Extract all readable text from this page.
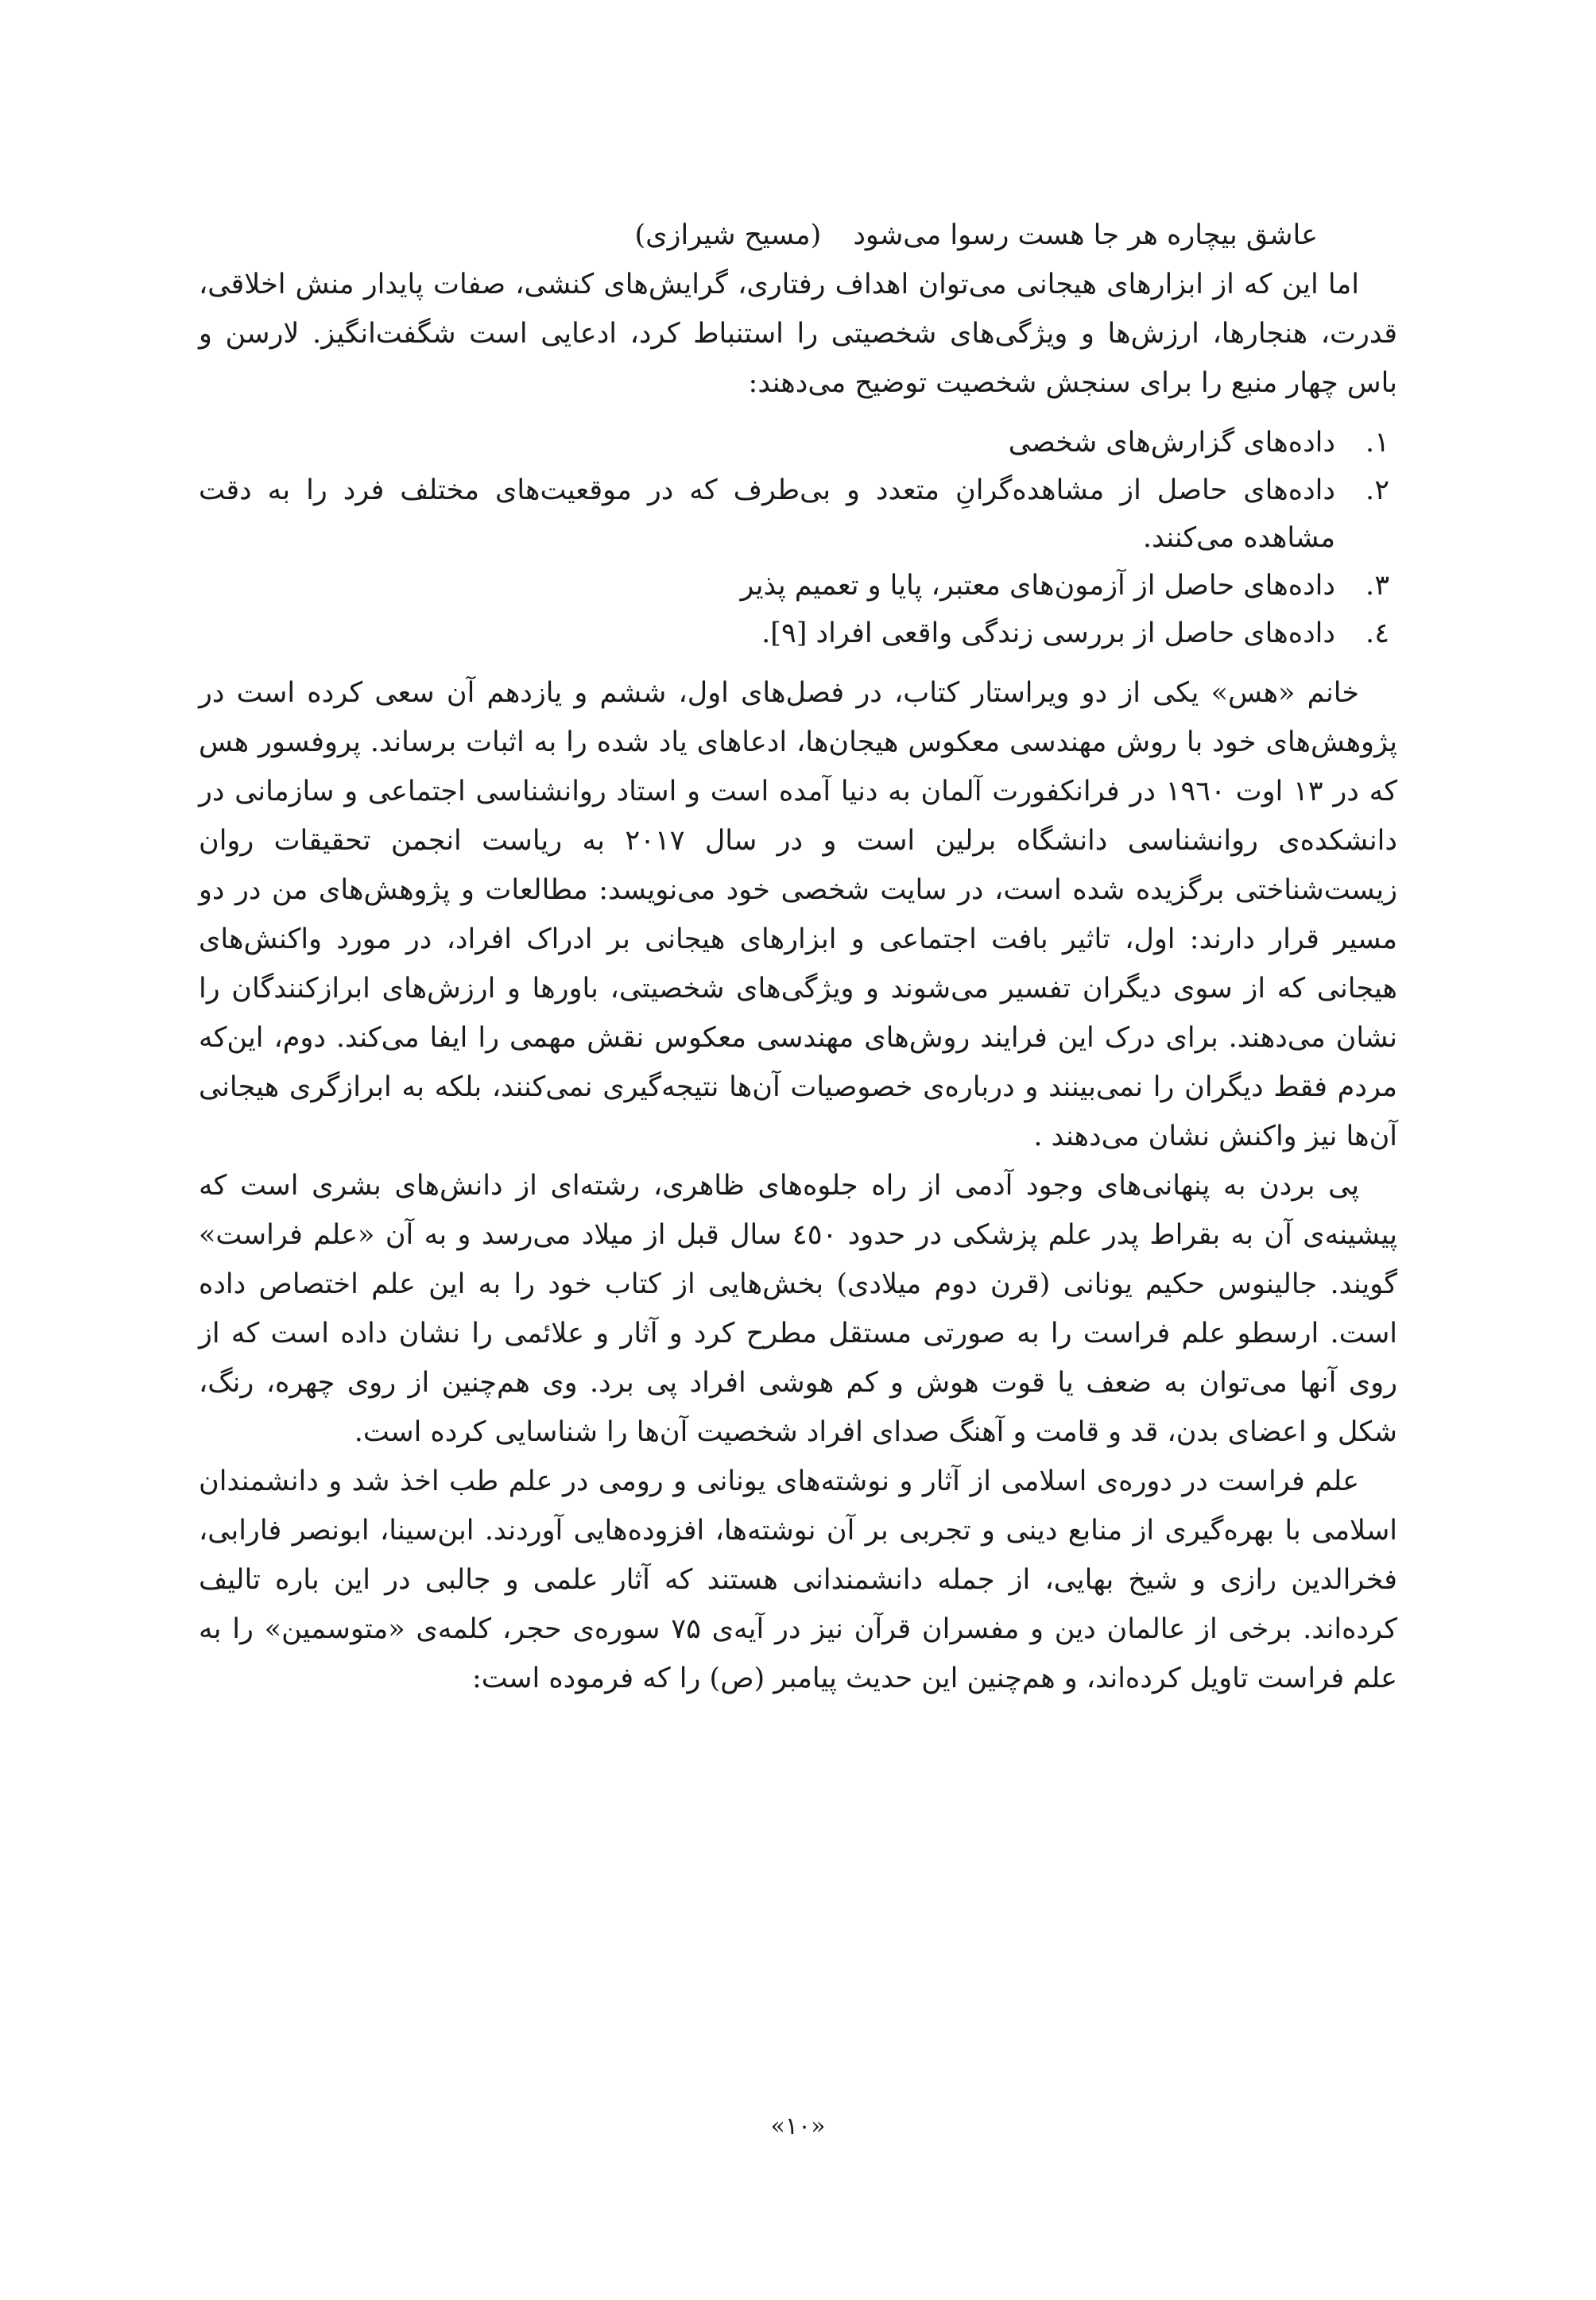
عاشق بیچاره هر جا هست رسوا می‌شود(مسیح شیرازی)

اما این که از ابزارهای هیجانی می‌توان اهداف رفتاری، گرایش‌های کنشی، صفات پایدار منش اخلاقی، قدرت، هنجارها، ارزش‌ها و ویژگی‌های شخصیتی را استنباط کرد، ادعایی است شگفت‌انگیز. لارسن و باس چهار منبع را برای سنجش شخصیت توضیح می‌دهند:

۱.
داده‌های گزارش‌های شخصی
۲.
داده‌های حاصل از مشاهده‌گرانِ متعدد و بی‌طرف که در موقعیت‌های مختلف فرد را به دقت مشاهده می‌کنند.
۳.
داده‌های حاصل از آزمون‌های معتبر، پایا و تعمیم پذیر
٤.
داده‌های حاصل از بررسی زندگی واقعی افراد [۹].

خانم «هس» یکی از دو ویراستار کتاب، در فصل‌های اول، ششم و یازدهم آن سعی کرده است در پژوهش‌های خود با روش مهندسی معکوس هیجان‌ها، ادعاهای یاد شده را به اثبات برساند. پروفسور هس که در ۱۳ اوت ۱۹٦۰ در فرانکفورت آلمان به دنیا آمده است و استاد روانشناسی اجتماعی و سازمانی در دانشکده‌ی روانشناسی دانشگاه برلین است و در سال ۲۰۱۷ به ریاست انجمن تحقیقات روان زیست‌شناختی برگزیده شده است، در سایت شخصی خود می‌نویسد: مطالعات و پژوهش‌های من در دو مسیر قرار دارند: اول، تاثیر بافت اجتماعی و ابزارهای هیجانی بر ادراک افراد، در مورد واکنش‌های هیجانی که از سوی دیگران تفسیر می‌شوند و ویژگی‌های شخصیتی، باورها و ارزش‌های ابرازکنندگان را نشان می‌دهند. برای درک این فرایند روش‌های مهندسی معکوس نقش مهمی را ایفا می‌کند. دوم، این‌که مردم فقط دیگران را نمی‌بینند و درباره‌ی خصوصیات آن‌ها نتیجه‌گیری نمی‌کنند، بلکه به ابرازگری هیجانی آن‌ها نیز واکنش نشان می‌دهند .

پی بردن به پنهانی‌های وجود آدمی از راه جلوه‌های ظاهری، رشته‌ای از دانش‌های بشری است که پیشینه‌ی آن به بقراط پدر علم پزشکی در حدود ٤٥۰ سال قبل از میلاد می‌رسد و به آن «علم فراست» گویند. جالینوس حکیم یونانی (قرن دوم میلادی) بخش‌هایی از کتاب خود را به این علم اختصاص داده است. ارسطو علم فراست را به صورتی مستقل مطرح کرد و آثار و علائمی را نشان داده است که از روی آنها می‌توان به ضعف یا قوت هوش و کم هوشی افراد پی برد. وی هم‌چنین از روی چهره، رنگ، شکل و اعضای بدن، قد و قامت و آهنگ صدای افراد شخصیت آن‌ها را شناسایی کرده است.

علم فراست در دوره‌ی اسلامی از آثار و نوشته‌های یونانی و رومی در علم طب اخذ شد و دانشمندان اسلامی با بهره‌گیری از منابع دینی و تجربی بر آن نوشته‌ها، افزوده‌هایی آوردند. ابن‌سینا، ابونصر فارابی، فخرالدین رازی و شیخ بهایی، از جمله دانشمندانی هستند که آثار علمی و جالبی در این باره تالیف کرده‌اند. برخی از عالمان دین و مفسران قرآن نیز در آیه‌ی ۷۵ سوره‌ی حجر، کلمه‌ی «متوسمین» را به علم فراست تاویل کرده‌اند، و هم‌چنین این حدیث پیامبر (ص) را که فرموده است:

«۱۰»
